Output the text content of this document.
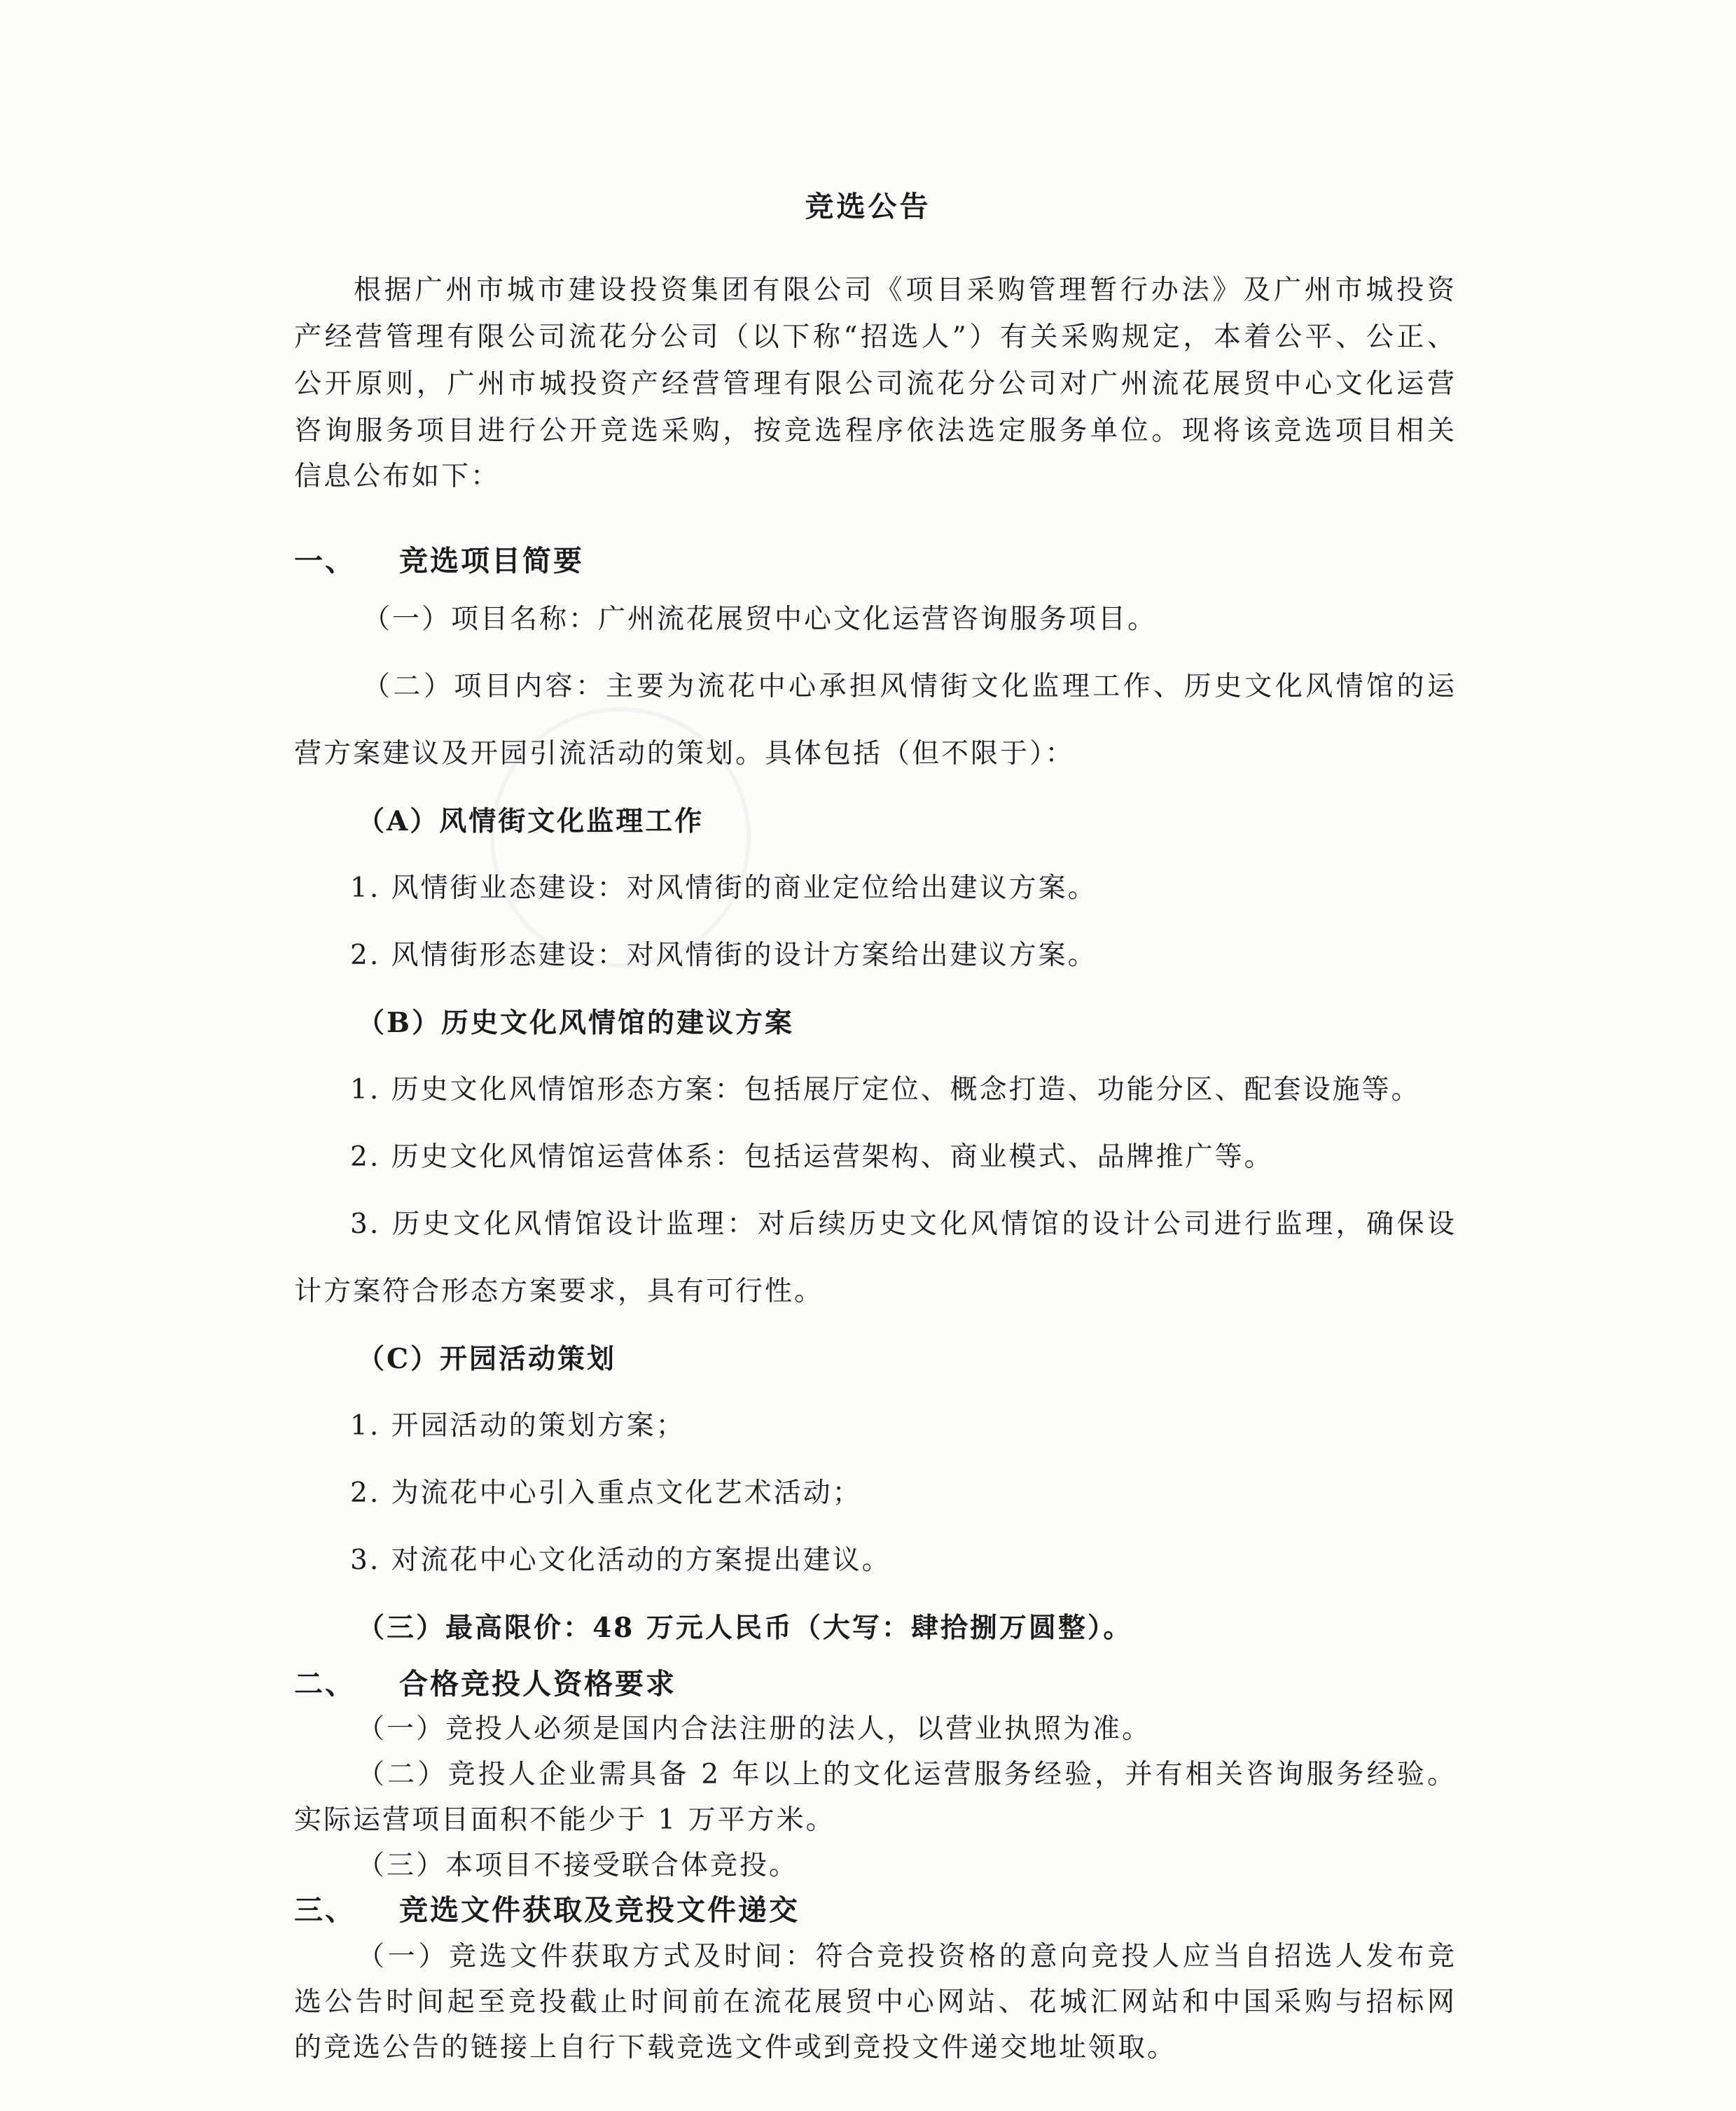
竞选公告
根据广州市城市建设投资集团有限公司《项目采购管理暂行办法》及广州市城投资
产经营管理有限公司流花分公司（以下称“招选人”）有关采购规定，本着公平、公正、
公开原则，广州市城投资产经营管理有限公司流花分公司对广州流花展贸中心文化运营
咨询服务项目进行公开竞选采购，按竞选程序依法选定服务单位。现将该竞选项目相关
信息公布如下：
一、 竞选项目简要
（一）项目名称：广州流花展贸中心文化运营咨询服务项目。
（二）项目内容：主要为流花中心承担风情街文化监理工作、历史文化风情馆的运
营方案建议及开园引流活动的策划。具体包括（但不限于）：
（A）风情街文化监理工作
1. 风情街业态建设：对风情街的商业定位给出建议方案。
2. 风情街形态建设：对风情街的设计方案给出建议方案。
（B）历史文化风情馆的建议方案
1. 历史文化风情馆形态方案：包括展厅定位、概念打造、功能分区、配套设施等。
2. 历史文化风情馆运营体系：包括运营架构、商业模式、品牌推广等。
3. 历史文化风情馆设计监理：对后续历史文化风情馆的设计公司进行监理，确保设
计方案符合形态方案要求，具有可行性。
（C）开园活动策划
1. 开园活动的策划方案；
2. 为流花中心引入重点文化艺术活动；
3. 对流花中心文化活动的方案提出建议。
（三）最高限价：48 万元人民币（大写：肆拾捌万圆整）。
二、 合格竞投人资格要求
（一）竞投人必须是国内合法注册的法人，以营业执照为准。
（二）竞投人企业需具备 2 年以上的文化运营服务经验，并有相关咨询服务经验。
实际运营项目面积不能少于 1 万平方米。
（三）本项目不接受联合体竞投。
三、 竞选文件获取及竞投文件递交
（一）竞选文件获取方式及时间：符合竞投资格的意向竞投人应当自招选人发布竞
选公告时间起至竞投截止时间前在流花展贸中心网站、花城汇网站和中国采购与招标网
的竞选公告的链接上自行下载竞选文件或到竞投文件递交地址领取。
